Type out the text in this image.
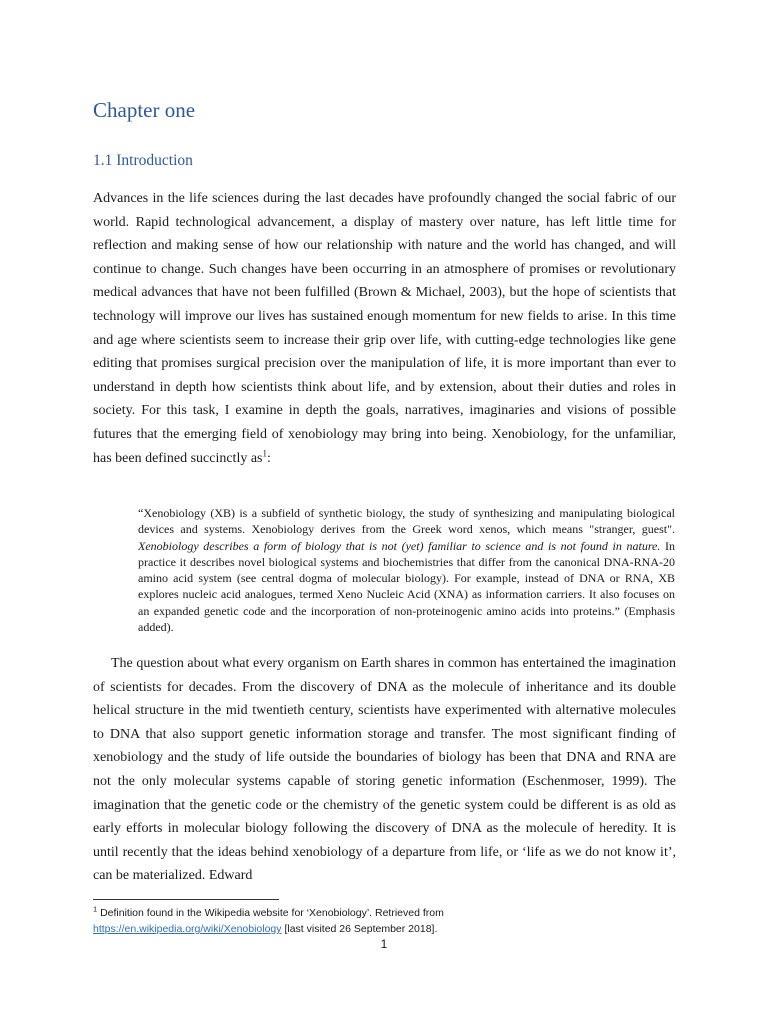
Chapter one
1.1 Introduction

Advances in the life sciences during the last decades have profoundly changed the social fabric of our world. Rapid technological advancement, a display of mastery over nature, has left little time for reflection and making sense of how our relationship with nature and the world has changed, and will continue to change. Such changes have been occurring in an atmosphere of promises or revolutionary medical advances that have not been fulfilled (Brown & Michael, 2003), but the hope of scientists that technology will improve our lives has sustained enough momentum for new fields to arise. In this time and age where scientists seem to increase their grip over life, with cutting-edge technologies like gene editing that promises surgical precision over the manipulation of life, it is more important than ever to understand in depth how scientists think about life, and by extension, about their duties and roles in society. For this task, I examine in depth the goals, narratives, imaginaries and visions of possible futures that the emerging field of xenobiology may bring into being. Xenobiology, for the unfamiliar, has been defined succinctly $as^1$:

“Xenobiology (XB) is a subfield of synthetic biology, the study of synthesizing and manipulating biological devices and systems. Xenobiology derives from the Greek word xenos, which means "stranger, guest". Xenobiology describes a form of biology that is not (yet) familiar to science and is not found in nature. In practice it describes novel biological systems and biochemistries that differ from the canonical DNA-RNA-20 amino acid system (see central dogma of molecular biology). For example, instead of DNA or RNA, XB explores nucleic acid analogues, termed Xeno Nucleic Acid (XNA) as information carriers. It also focuses on an expanded genetic code and the incorporation of non-proteinogenic amino acids into proteins.” (Emphasis added).

The question about what every organism on Earth shares in common has entertained the imagination of scientists for decades. From the discovery of DNA as the molecule of inheritance and its double helical structure in the mid twentieth century, scientists have experimented with alternative molecules to DNA that also support genetic information storage and transfer. The most significant finding of xenobiology and the study of life outside the boundaries of biology has been that DNA and RNA are not the only molecular systems capable of storing genetic information (Eschenmoser, 1999). The imagination that the genetic code or the chemistry of the genetic system could be different is as old as early efforts in molecular biology following the discovery of DNA as the molecule of heredity. It is until recently that the ideas behind xenobiology of a departure from life, or ‘life as we do not know it’, can be materialized. Edward

$^1$ Definition found in the Wikipedia website for ‘Xenobiology’. Retrieved from
https://en.wikipedia.org/wiki/Xenobiology [last visited 26 September 2018].
1
